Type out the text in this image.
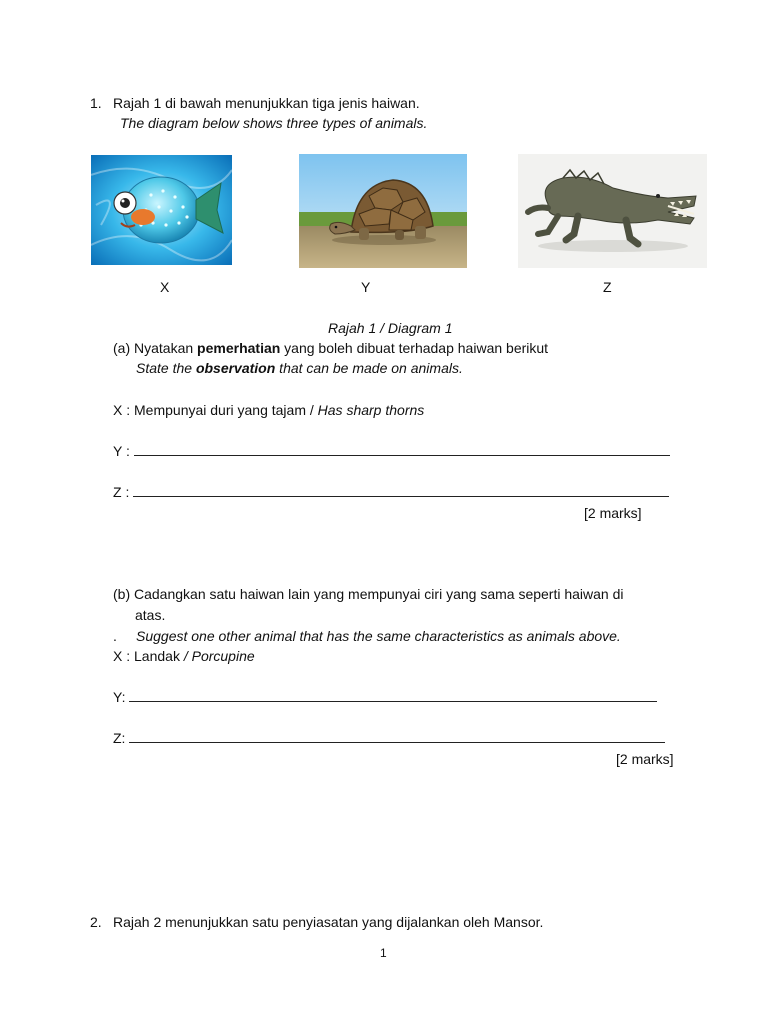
1. Rajah 1 di bawah menunjukkan tiga jenis haiwan.
The diagram below shows three types of animals.
X	Y	Z
Rajah 1 / Diagram 1
(a) Nyatakan pemerhatian yang boleh dibuat terhadap haiwan berikut
State the observation that can be made on animals.
X : Mempunyai duri yang tajam / Has sharp thorns
Y :
Z :
[2 marks]
(b) Cadangkan satu haiwan lain yang mempunyai ciri yang sama seperti haiwan di
atas.
. Suggest one other animal that has the same characteristics as animals above.
X : Landak / Porcupine
Y:
Z:
[2 marks]
2. Rajah 2 menunjukkan satu penyiasatan yang dijalankan oleh Mansor.
1
